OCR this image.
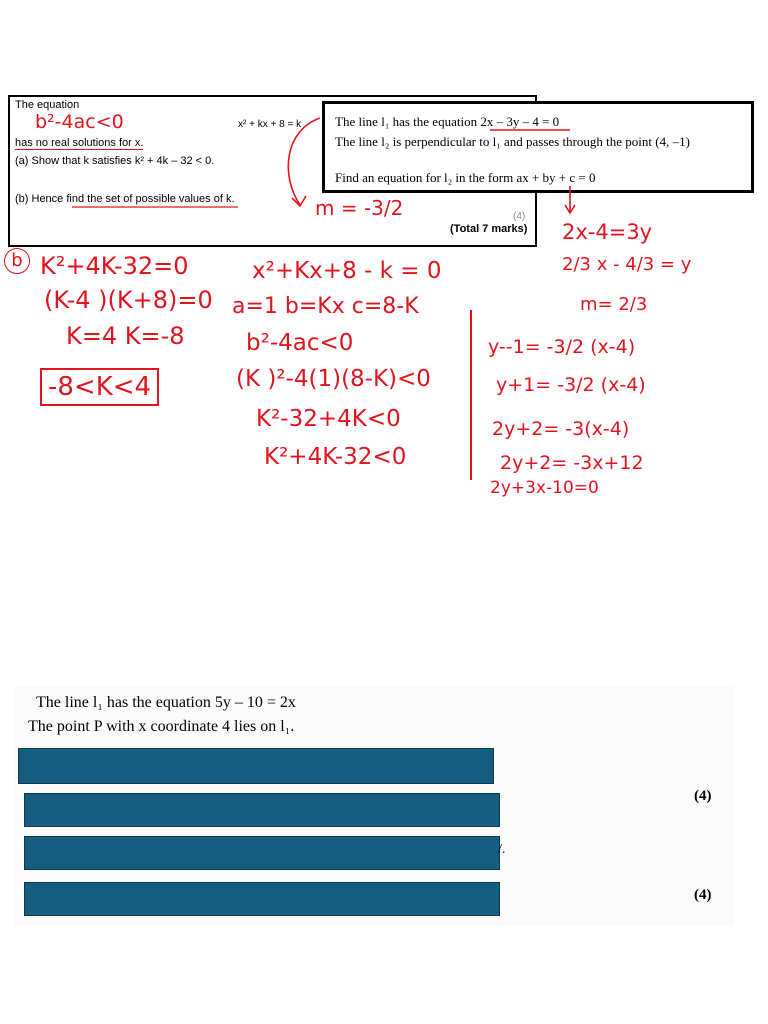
The equation
x² + kx + 8 = k
b²-4ac<0
has no real solutions for x.
(a) Show that k satisfies k² + 4k – 32 < 0.
(b) Hence find the set of possible values of k.
(4)
(Total 7 marks)
The line l₁ has the equation 2x – 3y – 4 = 0
The line l₂ is perpendicular to l₁ and passes through the point (4, –1)
Find an equation for l₂ in the form ax + by + c = 0
m = -3/2
b K²+4K-32=0
(K-4 )(K+8)=0
K=4 K=-8
-8<K<4
x²+Kx+8 - k = 0
a=1 b=Kx c=8-K
b²-4ac<0
(K )²-4(1)(8-K)<0
K²-32+4K<0
K²+4K-32<0
2x-4=3y
2/3 x - 4/3 = y
m= 2/3
y--1= -3/2 (x-4)
y+1= -3/2 (x-4)
2y+2= -3(x-4)
2y+2= -3x+12
2y+3x-10=0
The line l₁ has the equation 5y – 10 = 2x
The point P with x coordinate 4 lies on l₁.
(4)
/.
(4)
